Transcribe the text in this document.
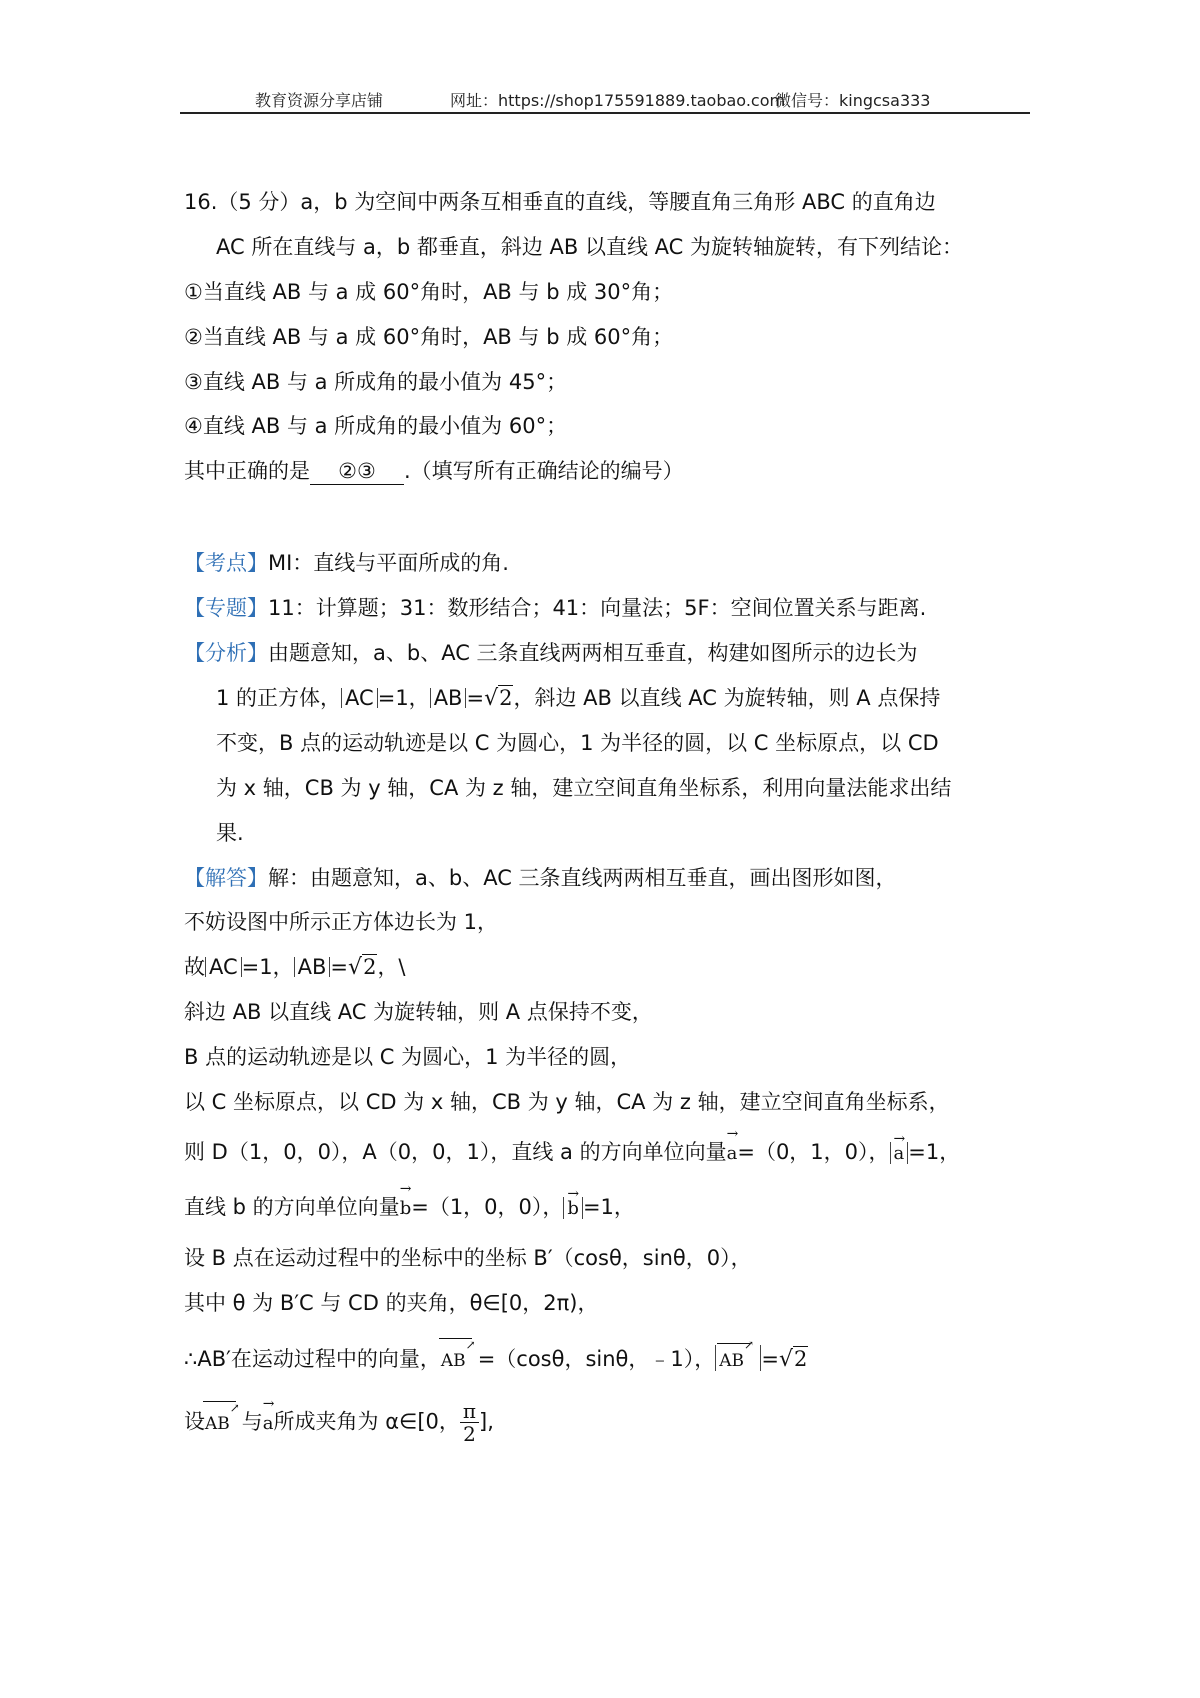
教育资源分享店铺	网址：https://shop175591889.taobao.com
微信号：kingcsa333
16.（5 分）a，b 为空间中两条互相垂直的直线，等腰直角三角形 ABC 的直角边
AC 所在直线与 a，b 都垂直，斜边 AB 以直线 AC 为旋转轴旋转，有下列结论：
①当直线 AB 与 a 成 60°角时，AB 与 b 成 30°角；
②当直线 AB 与 a 成 60°角时，AB 与 b 成 60°角；
③直线 AB 与 a 所成角的最小值为 45°；
④直线 AB 与 a 所成角的最小值为 60°；
其中正确的是 ②③ .（填写所有正确结论的编号）
【考点】MI：直线与平面所成的角.
【专题】11：计算题；31：数形结合；41：向量法；5F：空间位置关系与距离.
【分析】由题意知，a、b、AC 三条直线两两相互垂直，构建如图所示的边长为
1 的正方体， AC =1， AB =√2，斜边 AB 以直线 AC 为旋转轴，则 A 点保持
不变，B 点的运动轨迹是以 C 为圆心，1 为半径的圆，以 C 坐标原点，以 CD
为 x 轴，CB 为 y 轴，CA 为 z 轴，建立空间直角坐标系，利用向量法能求出结
果.
【解答】解：由题意知，a、b、AC 三条直线两两相互垂直，画出图形如图，
不妨设图中所示正方体边长为 1，
故 AC =1， AB =√2，\
斜边 AB 以直线 AC 为旋转轴，则 A 点保持不变，
B 点的运动轨迹是以 C 为圆心，1 为半径的圆，
以 C 坐标原点，以 CD 为 x 轴，CB 为 y 轴，CA 为 z 轴，建立空间直角坐标系，
则 D（1，0，0），A（0，0，1），直线 a 的方向单位向量
→
a=（0，1，0），
→
a =1，
直线 b 的方向单位向量
→
b=（1，0，0），
→
b =1，
设 B 点在运动过程中的坐标中的坐标 B′（cosθ，sinθ，0），
其中 θ 为 B′C 与 CD 的夹角，θ∈[0，2π)，
∴AB′在运动过程中的向量，
↗
AB =（cosθ，sinθ，﹣1），
↗
AB =√2
设
↗
AB 与
→
a所成夹角为 α∈[0， $\frac{\pi}{2}$ ],
